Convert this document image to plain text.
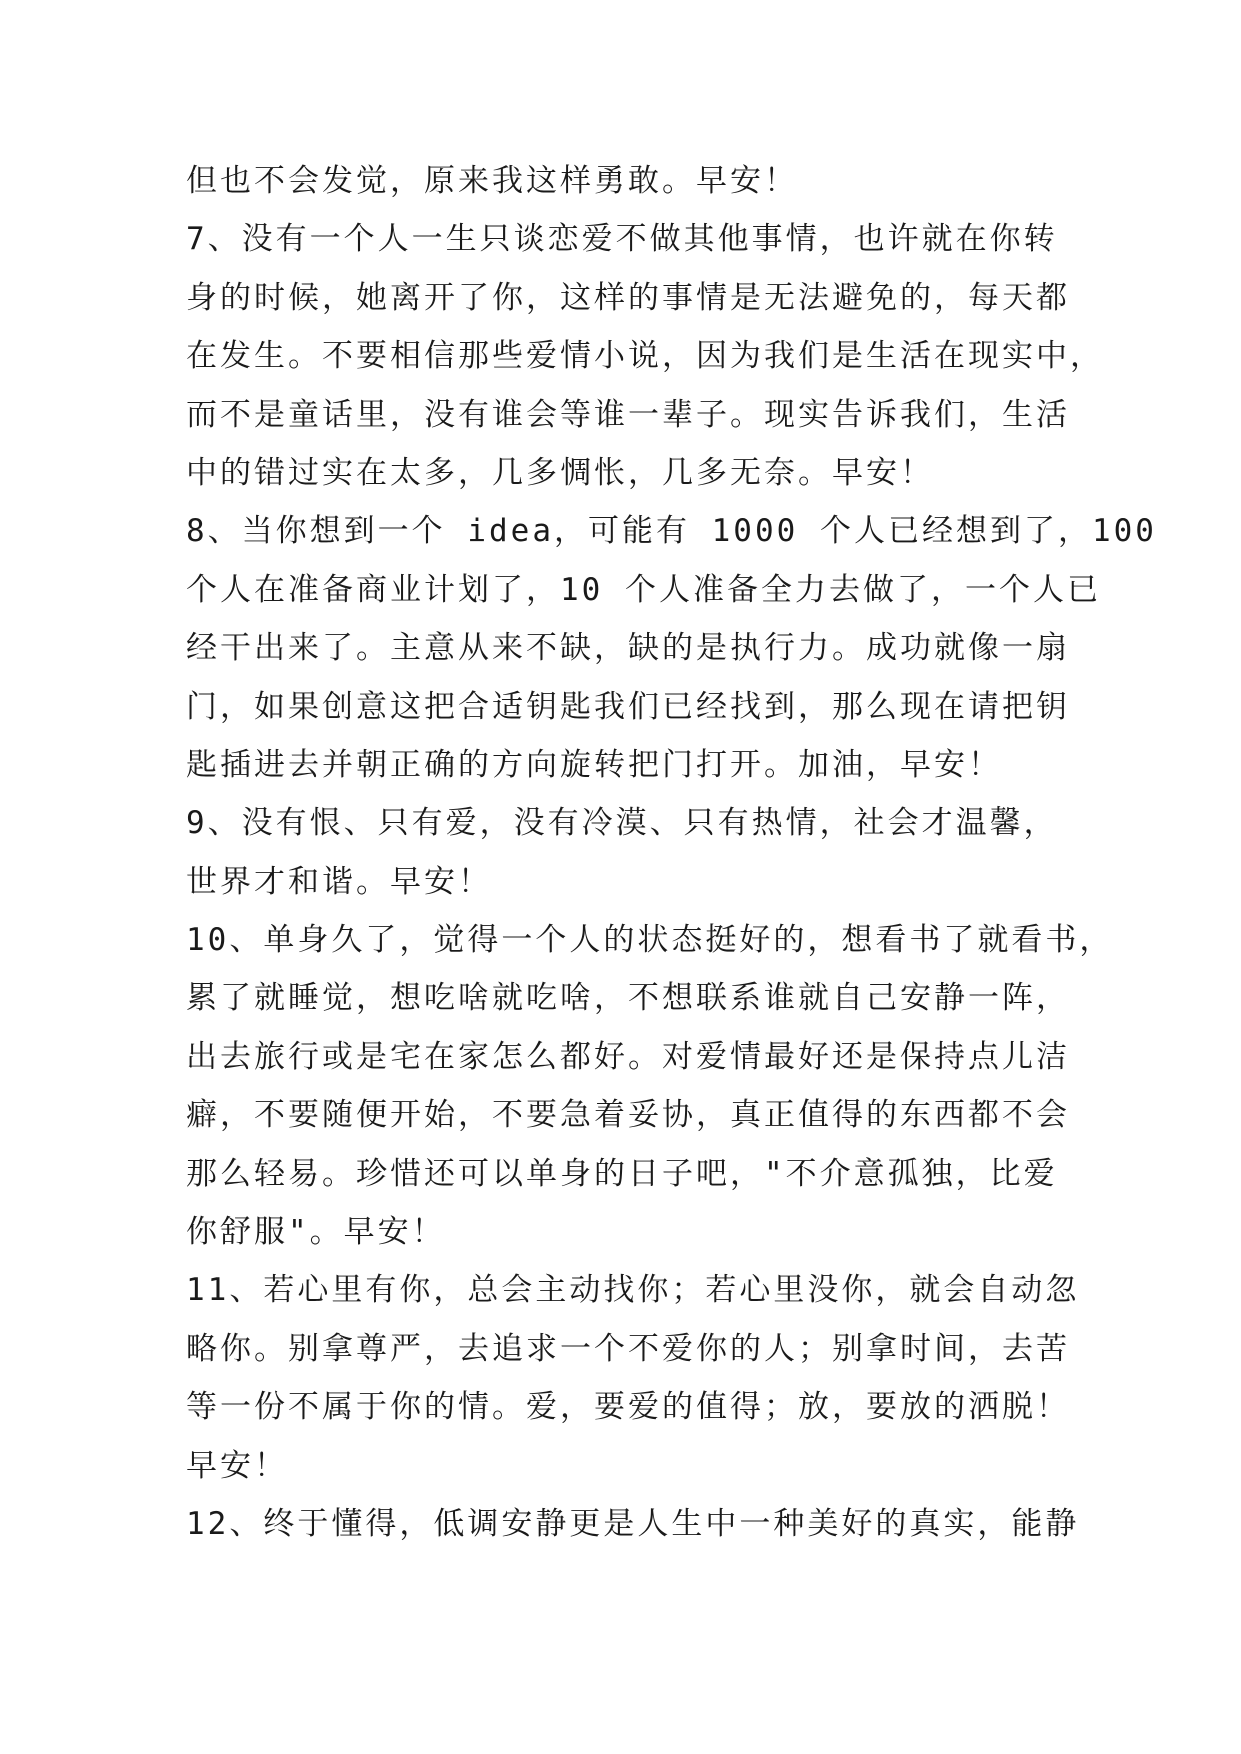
但也不会发觉，原来我这样勇敢。早安！
7、没有一个人一生只谈恋爱不做其他事情，也许就在你转
身的时候，她离开了你，这样的事情是无法避免的，每天都
在发生。不要相信那些爱情小说，因为我们是生活在现实中，
而不是童话里，没有谁会等谁一辈子。现实告诉我们，生活
中的错过实在太多，几多惆怅，几多无奈。早安！
8、当你想到一个 idea，可能有 1000 个人已经想到了，100
个人在准备商业计划了，10 个人准备全力去做了，一个人已
经干出来了。主意从来不缺，缺的是执行力。成功就像一扇
门，如果创意这把合适钥匙我们已经找到，那么现在请把钥
匙插进去并朝正确的方向旋转把门打开。加油，早安！
9、没有恨、只有爱，没有冷漠、只有热情，社会才温馨，
世界才和谐。早安！
10、单身久了，觉得一个人的状态挺好的，想看书了就看书，
累了就睡觉，想吃啥就吃啥，不想联系谁就自己安静一阵，
出去旅行或是宅在家怎么都好。对爱情最好还是保持点儿洁
癖，不要随便开始，不要急着妥协，真正值得的东西都不会
那么轻易。珍惜还可以单身的日子吧，"不介意孤独，比爱
你舒服"。早安！
11、若心里有你，总会主动找你；若心里没你，就会自动忽
略你。别拿尊严，去追求一个不爱你的人；别拿时间，去苦
等一份不属于你的情。爱，要爱的值得；放，要放的洒脱！
早安！
12、终于懂得，低调安静更是人生中一种美好的真实，能静
